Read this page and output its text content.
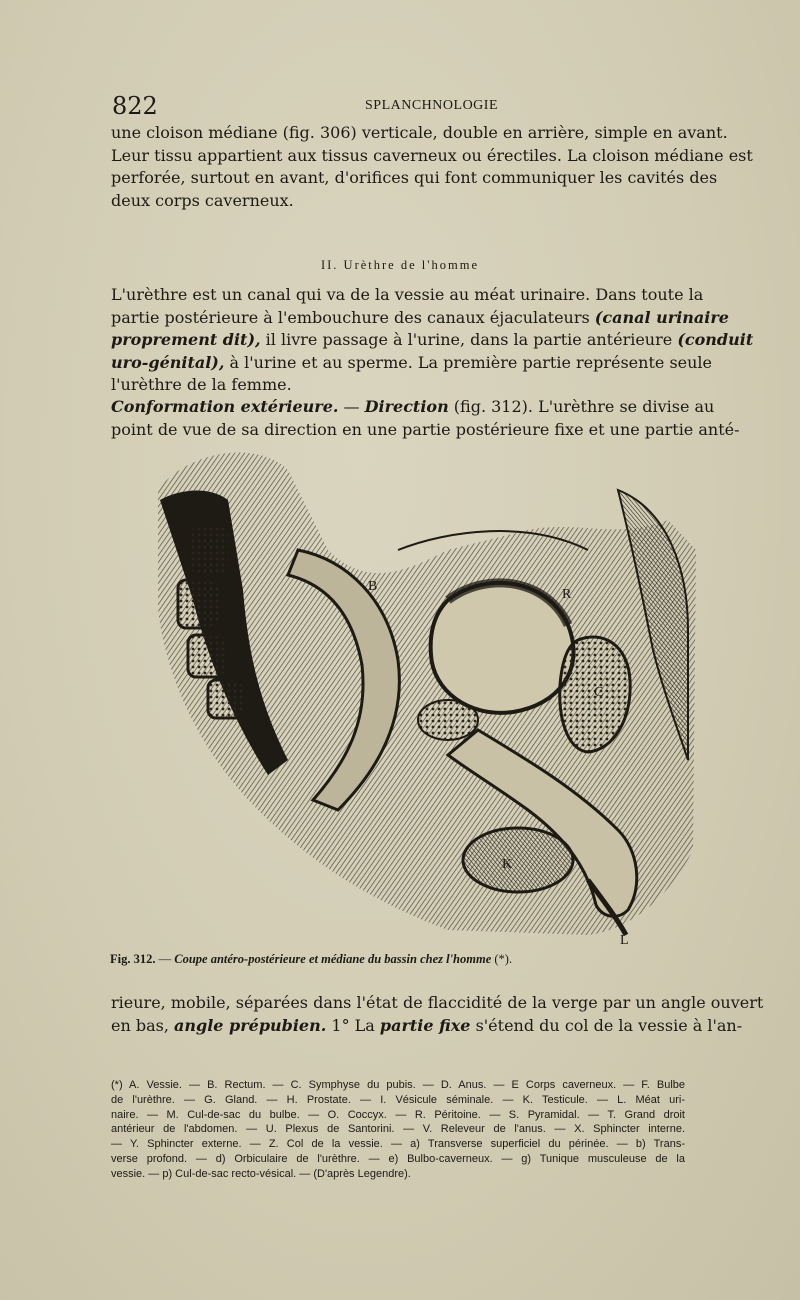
822	SPLANCHNOLOGIE
une cloison médiane (fig. 306) verticale, double en arrière, simple en avant.
Leur tissu appartient aux tissus caverneux ou érectiles. La cloison médiane est
perforée, surtout en avant, d'orifices qui font communiquer les cavités des
deux corps caverneux.
II. Urèthre de l'homme
L'urèthre est un canal qui va de la vessie au méat urinaire. Dans toute la
partie postérieure à l'embouchure des canaux éjaculateurs (canal urinaire
proprement dit), il livre passage à l'urine, dans la partie antérieure (conduit
uro-génital), à l'urine et au sperme. La première partie représente seule
l'urèthre de la femme.
Conformation extérieure. — Direction (fig. 312). L'urèthre se divise au
point de vue de sa direction en une partie postérieure fixe et une partie anté-
B
R
C
K
L
Fig. 312. — Coupe antéro-postérieure et médiane du bassin chez l'homme (*).
rieure, mobile, séparées dans l'état de flaccidité de la verge par un angle ouvert
en bas, angle prépubien. 1° La partie fixe s'étend du col de la vessie à l'an-
(*) A. Vessie. — B. Rectum. — C. Symphyse du pubis. — D. Anus. — E Corps caverneux. — F. Bulbe
de l'urèthre. — G. Gland. — H. Prostate. — I. Vésicule séminale. — K. Testicule. — L. Méat uri-
naire. — M. Cul-de-sac du bulbe. — O. Coccyx. — R. Péritoine. — S. Pyramidal. — T. Grand droit
antérieur de l'abdomen. — U. Plexus de Santorini. — V. Releveur de l'anus. — X. Sphincter interne.
— Y. Sphincter externe. — Z. Col de la vessie. — a) Transverse superficiel du périnée. — b) Trans-
verse profond. — d) Orbiculaire de l'urèthre. — e) Bulbo-caverneux. — g) Tunique musculeuse de la
vessie. — p) Cul-de-sac recto-vésical. — (D'après Legendre).
